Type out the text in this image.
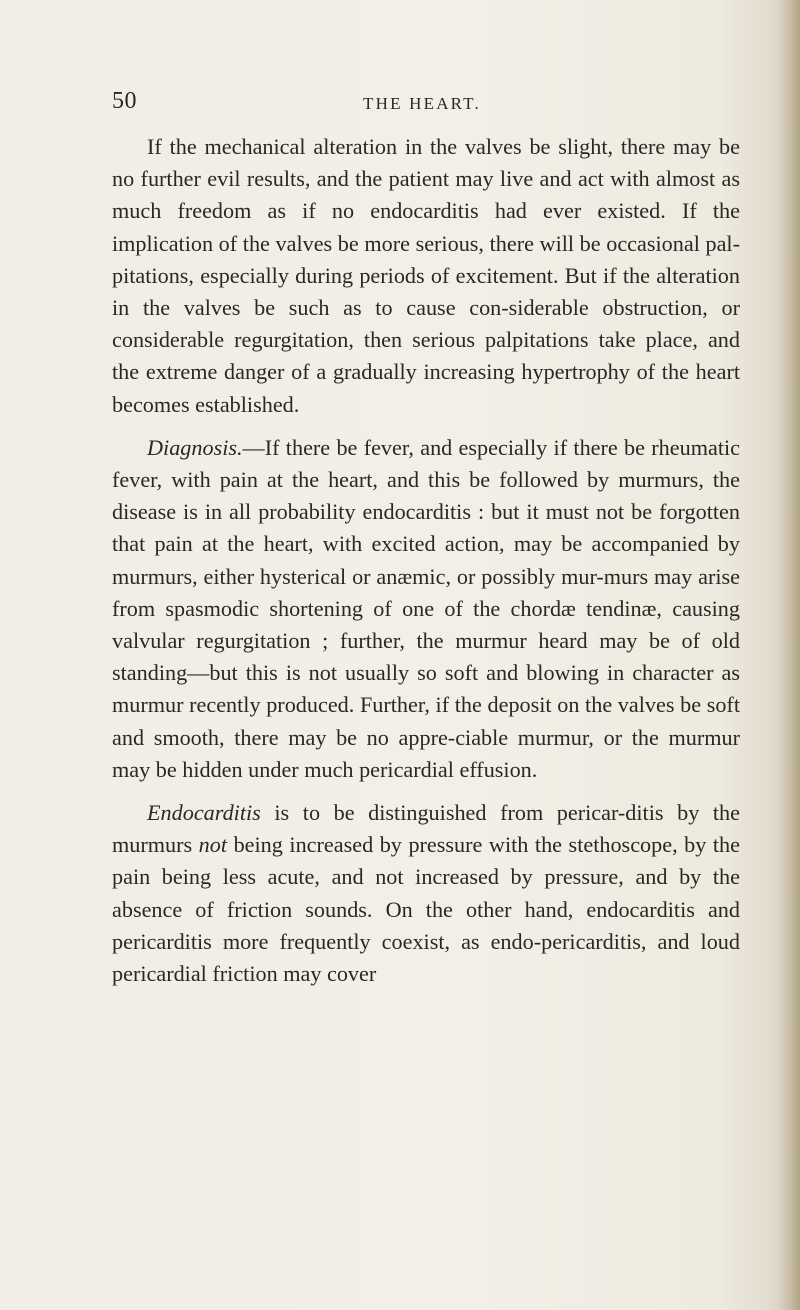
50	THE HEART.

If the mechanical alteration in the valves be slight, there may be no further evil results, and the patient may live and act with almost as much freedom as if no endocarditis had ever existed. If the implication of the valves be more serious, there will be occasional pal-pitations, especially during periods of excitement. But if the alteration in the valves be such as to cause con-siderable obstruction, or considerable regurgitation, then serious palpitations take place, and the extreme danger of a gradually increasing hypertrophy of the heart becomes established.

Diagnosis.—If there be fever, and especially if there be rheumatic fever, with pain at the heart, and this be followed by murmurs, the disease is in all probability endocarditis : but it must not be forgotten that pain at the heart, with excited action, may be accompanied by murmurs, either hysterical or anæmic, or possibly mur-murs may arise from spasmodic shortening of one of the chordæ tendinæ, causing valvular regurgitation ; further, the murmur heard may be of old standing—but this is not usually so soft and blowing in character as murmur recently produced. Further, if the deposit on the valves be soft and smooth, there may be no appre-ciable murmur, or the murmur may be hidden under much pericardial effusion.

Endocarditis is to be distinguished from pericar-ditis by the murmurs not being increased by pressure with the stethoscope, by the pain being less acute, and not increased by pressure, and by the absence of friction sounds. On the other hand, endocarditis and pericarditis more frequently coexist, as endo-pericarditis, and loud pericardial friction may cover
